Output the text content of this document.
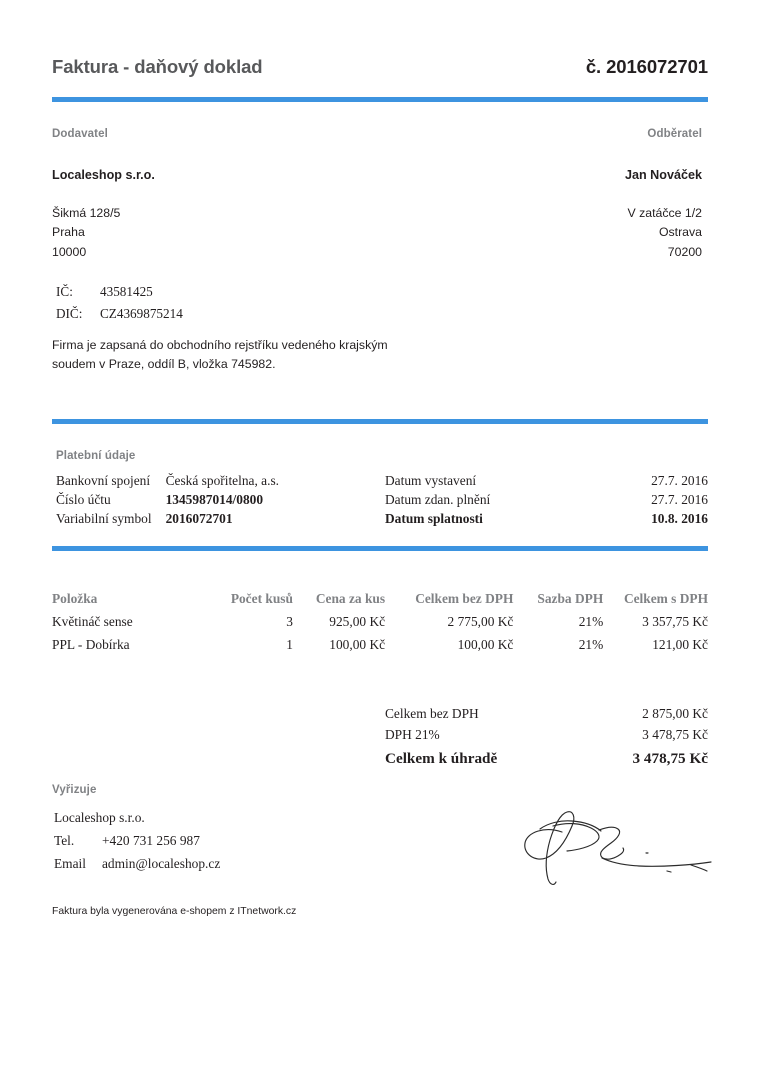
Faktura - daňový doklad	č. 2016072701
Dodavatel
Localeshop s.r.o.
Šikmá 128/5
Praha
10000
IČ:	43581425
DIČ:	CZ4369875214
Odběratel
Jan Nováček
V zatáčce 1/2
Ostrava
70200
Firma je zapsaná do obchodního rejstříku vedeného krajským soudem v Praze, oddíl B, vložka 745982.
Platební údaje
Bankovní spojení	Česká spořitelna, a.s.
Číslo účtu	1345987014/0800
Variabilní symbol	2016072701
Datum vystavení	27.7. 2016
Datum zdan. plnění	27.7. 2016
Datum splatnosti	10.8. 2016
Položka	Počet kusů	Cena za kus	Celkem bez DPH	Sazba DPH	Celkem s DPH
Květináč sense	3	925,00 Kč	2 775,00 Kč	21%	3 357,75 Kč
PPL - Dobírka	1	100,00 Kč	100,00 Kč	21%	121,00 Kč
Celkem bez DPH	2 875,00 Kč
DPH 21%	3 478,75 Kč
Celkem k úhradě	3 478,75 Kč
Vyřizuje
Localeshop s.r.o.	
Tel.	+420 731 256 987
Email	admin@localeshop.cz
Faktura byla vygenerována e-shopem z ITnetwork.cz
